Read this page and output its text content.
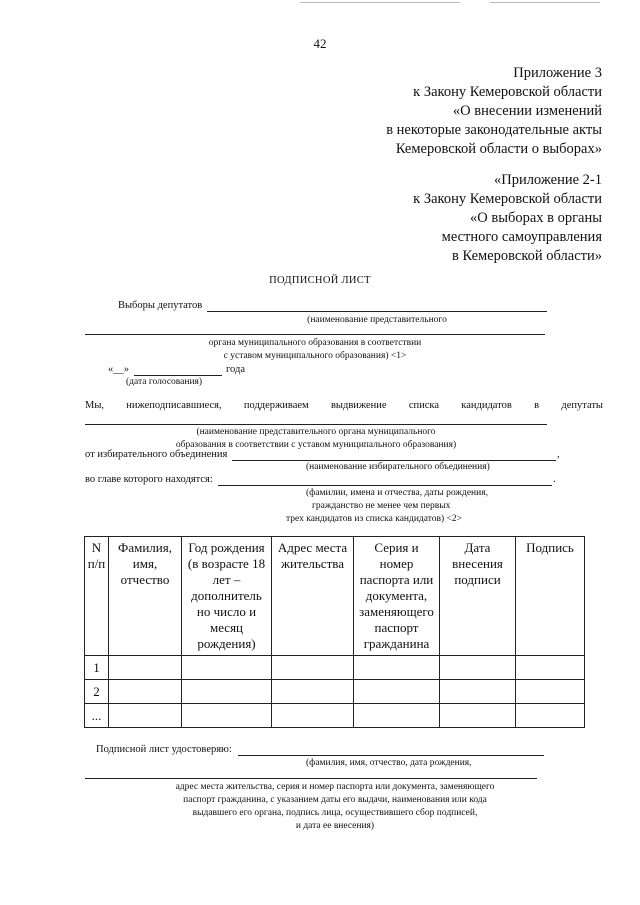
42
Приложение 3
к Закону Кемеровской области
«О внесении изменений
в некоторые законодательные акты
Кемеровской области о выборах»
«Приложение 2-1
к Закону Кемеровской области
«О выборах в органы
местного самоуправления
в Кемеровской области»
ПОДПИСНОЙ ЛИСТ
Выборы депутатов
(наименование представительного
органа муниципального образования в соответствии
с уставом муниципального образования) <1>
«__»	года
(дата голосования)
Мы, нижеподписавшиеся, поддерживаем выдвижение списка кандидатов в депутаты
(наименование представительного органа муниципального
образования в соответствии с уставом муниципального образования)
от избирательного объединения	,
(наименование избирательного объединения)
во главе которого находятся:	.
(фамилии, имена и отчества, даты рождения,
гражданство не менее чем первых
трех кандидатов из списка кандидатов) <2>
N п/п	Фамилия, имя, отчество	Год рождения (в возрасте 18 лет – дополнитель но число и месяц рождения)	Адрес места жительства	Серия и номер паспорта или документа, заменяющего паспорт гражданина	Дата внесения подписи	Подпись
1						
2						
...						
Подписной лист удостоверяю:
(фамилия, имя, отчество, дата рождения,
адрес места жительства, серия и номер паспорта или документа, заменяющего
паспорт гражданина, с указанием даты его выдачи, наименования или кода
выдавшего его органа, подпись лица, осуществившего сбор подписей,
и дата ее внесения)
